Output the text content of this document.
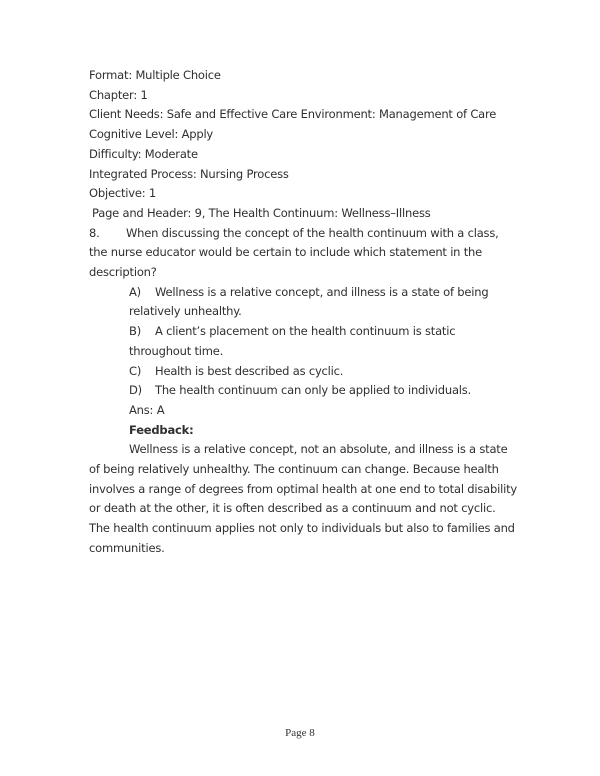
Format: Multiple Choice
Chapter: 1
Client Needs: Safe and Effective Care Environment: Management of Care
Cognitive Level: Apply
Difficulty: Moderate
Integrated Process: Nursing Process
Objective: 1
Page and Header: 9, The Health Continuum: Wellness–Illness
8. When discussing the concept of the health continuum with a class, the nurse educator would be certain to include which statement in the description?
A) Wellness is a relative concept, and illness is a state of being relatively unhealthy.
B) A client’s placement on the health continuum is static throughout time.
C) Health is best described as cyclic.
D) The health continuum can only be applied to individuals.
Ans: A
Feedback:
Wellness is a relative concept, not an absolute, and illness is a state of being relatively unhealthy. The continuum can change. Because health involves a range of degrees from optimal health at one end to total disability or death at the other, it is often described as a continuum and not cyclic. The health continuum applies not only to individuals but also to families and communities.
Page 8
